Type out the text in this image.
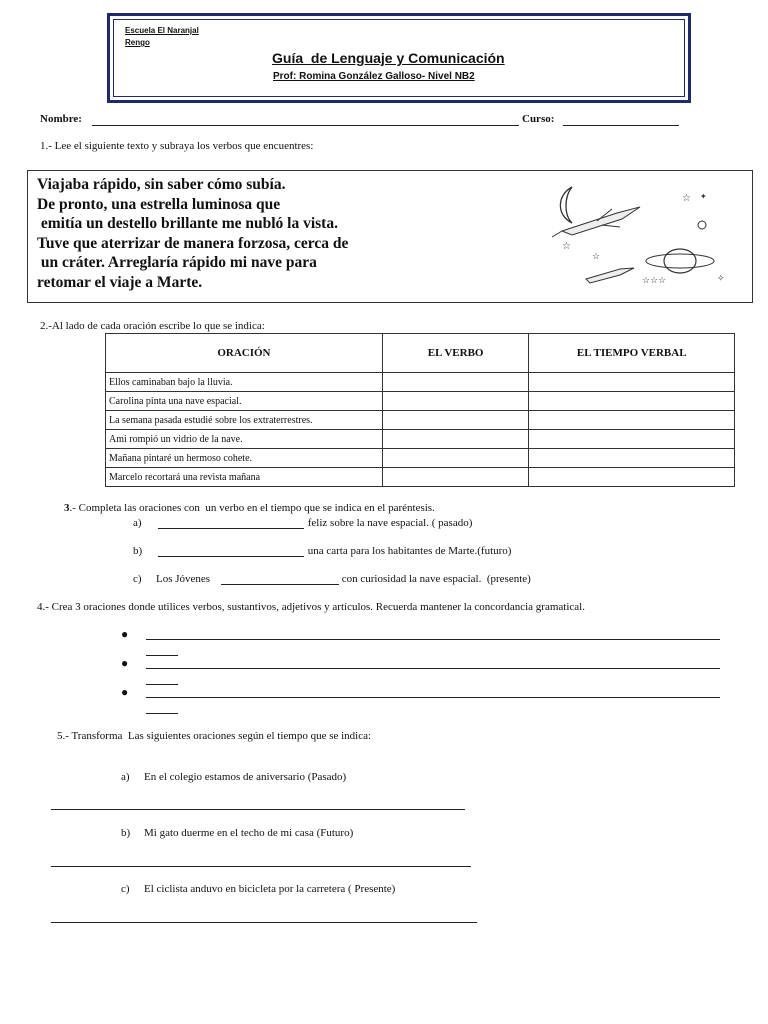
Escuela El Naranjal
Rengo
Guía  de Lenguaje y Comunicación
Prof: Romina González Galloso- Nivel NB2
Nombre:	Curso:
1.- Lee el siguiente texto y subraya los verbos que encuentres:
Viajaba rápido, sin saber cómo subía.
De pronto, una estrella luminosa que
emitía un destello brillante me nubló la vista.
Tuve que aterrizar de manera forzosa, cerca de
un cráter. Arreglaría rápido mi nave para
retomar el viaje a Marte.
☆ ✦
☆
☆
☆☆☆	✧
2.-Al lado de cada oración escribe lo que se indica:
ORACIÓN	EL VERBO	EL TIEMPO VERBAL
Ellos caminaban bajo la lluvia.		
Carolina pinta una nave espacial.		
La semana pasada estudié sobre los extraterrestres.		
Ami rompió un vidrio de la nave.		
Mañana pintaré un hermoso cohete.		
Marcelo recortará una revista mañana		
3.- Completa las oraciones con  un verbo en el tiempo que se indica en el paréntesis.
a)	feliz sobre la nave espacial. ( pasado)
b)	una carta para los habitantes de Marte.(futuro)
c) Los Jóvenes	con curiosidad la nave espacial.  (presente)
4.- Crea 3 oraciones donde utilices verbos, sustantivos, adjetivos y artículos. Recuerda mantener la concordancia gramatical.
●
●
●
5.- Transforma  Las siguientes oraciones según el tiempo que se indica:
a) En el colegio estamos de aniversario (Pasado)
b) Mi gato duerme en el techo de mi casa (Futuro)
c) El ciclista anduvo en bicicleta por la carretera ( Presente)
